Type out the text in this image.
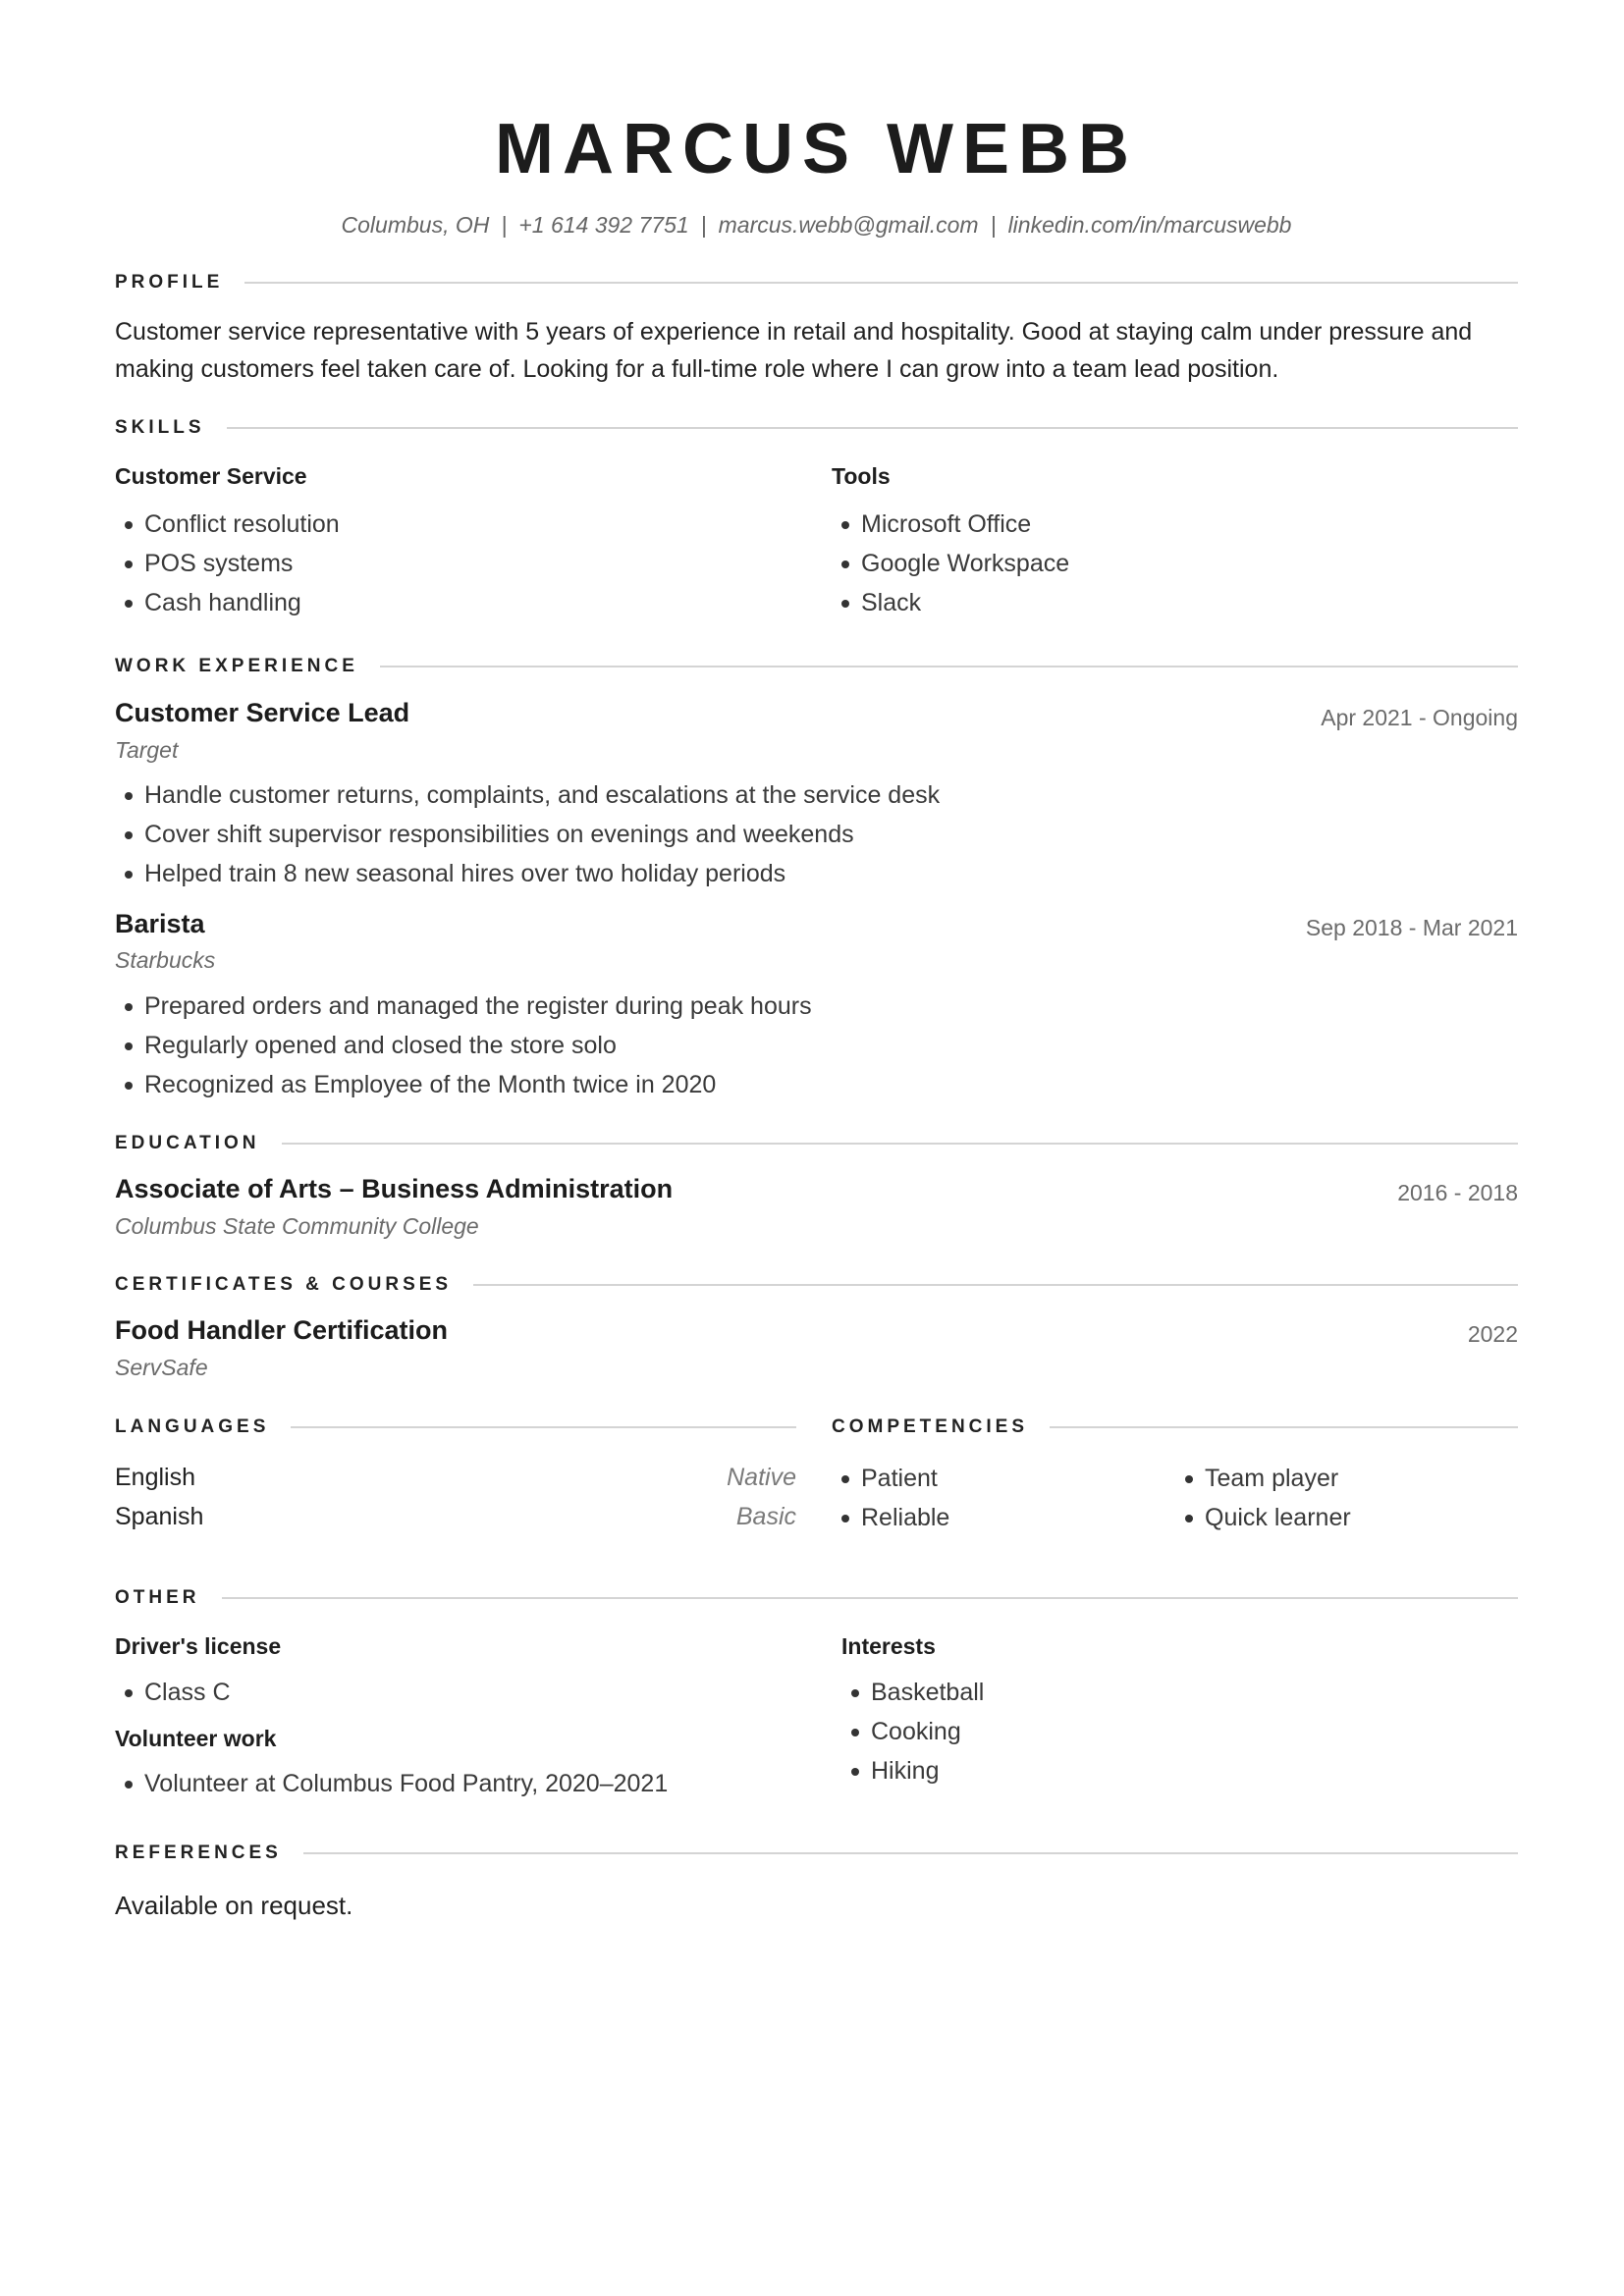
MARCUS WEBB
Columbus, OH | +1 614 392 7751 | marcus.webb@gmail.com | linkedin.com/in/marcuswebb
PROFILE
Customer service representative with 5 years of experience in retail and hospitality. Good at staying calm under pressure and making customers feel taken care of. Looking for a full-time role where I can grow into a team lead position.
SKILLS
Customer Service
Conflict resolution
POS systems
Cash handling
Tools
Microsoft Office
Google Workspace
Slack
WORK EXPERIENCE
Customer Service Lead	Apr 2021 - Ongoing
Target
Handle customer returns, complaints, and escalations at the service desk
Cover shift supervisor responsibilities on evenings and weekends
Helped train 8 new seasonal hires over two holiday periods
Barista	Sep 2018 - Mar 2021
Starbucks
Prepared orders and managed the register during peak hours
Regularly opened and closed the store solo
Recognized as Employee of the Month twice in 2020
EDUCATION
Associate of Arts – Business Administration	2016 - 2018
Columbus State Community College
CERTIFICATES & COURSES
Food Handler Certification	2022
ServSafe
LANGUAGES
English	Native
Spanish	Basic
COMPETENCIES
Patient
Reliable
Team player
Quick learner
OTHER
Driver's license
Class C
Volunteer work
Volunteer at Columbus Food Pantry, 2020–2021
Interests
Basketball
Cooking
Hiking
REFERENCES
Available on request.
